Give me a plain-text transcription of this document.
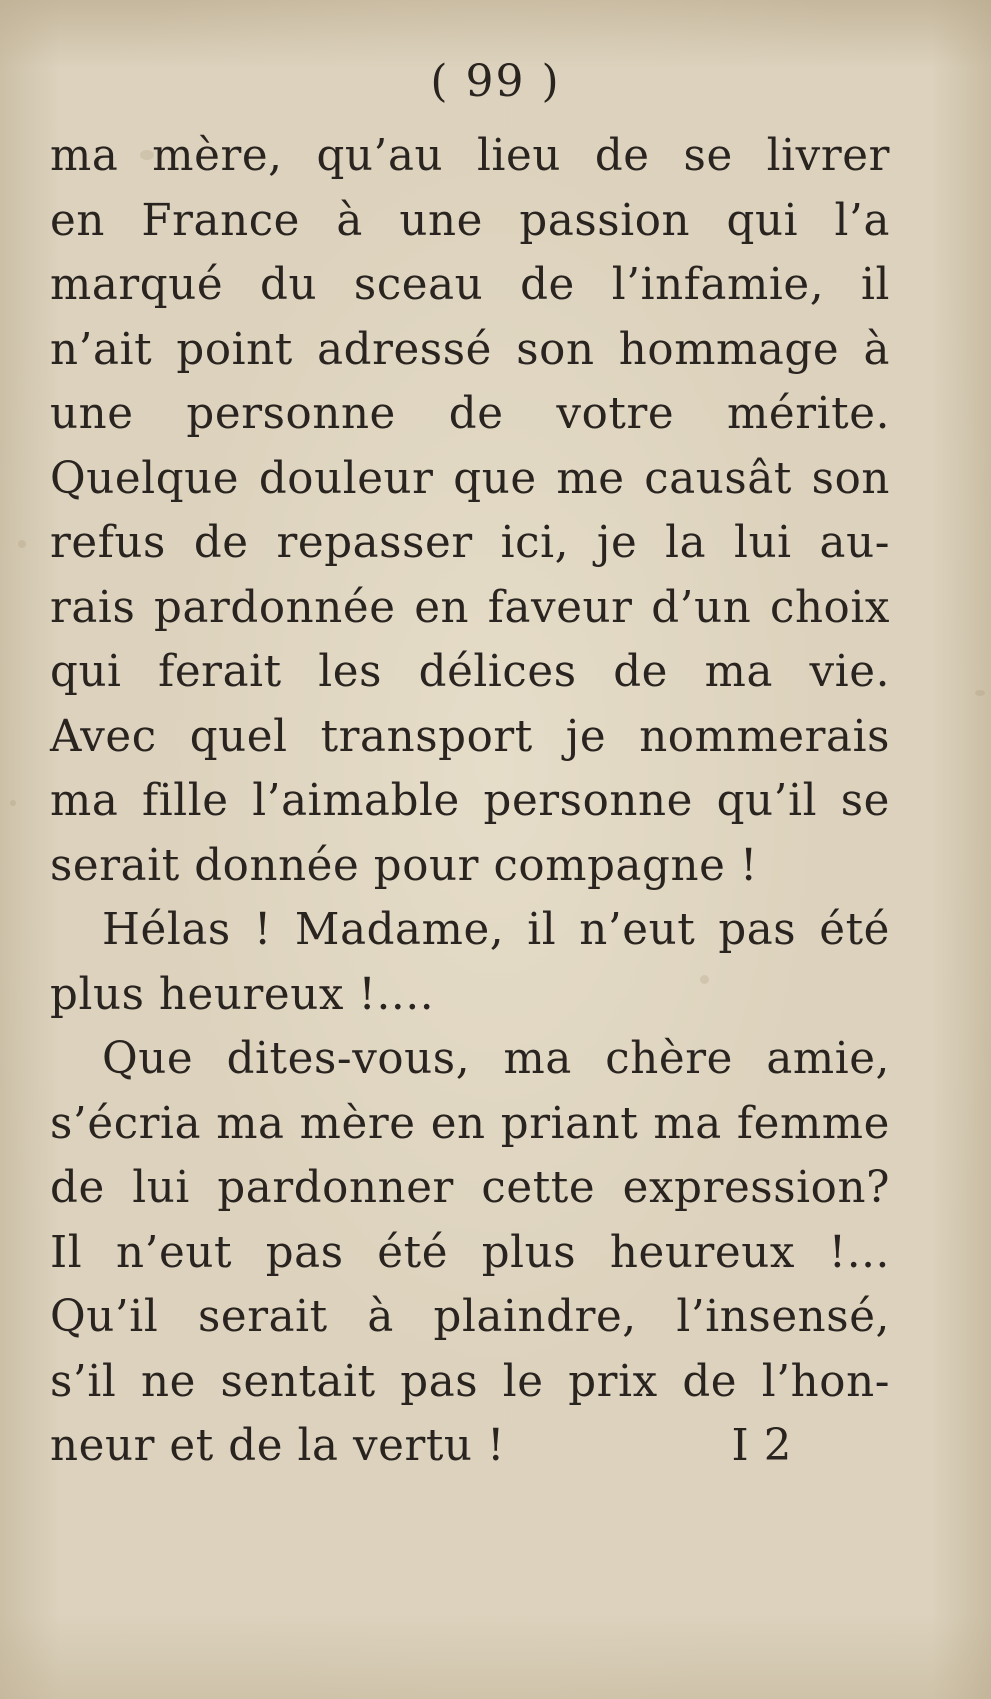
( 99 )
ma mère, qu’au lieu de se livrer
en France à une passion qui l’a
marqué du sceau de l’infamie, il
n’ait point adressé son hommage à
une personne de votre mérite.
Quelque douleur que me causât son
refus de repasser ici, je la lui au-
rais pardonnée en faveur d’un choix
qui ferait les délices de ma vie.
Avec quel transport je nommerais
ma fille l’aimable personne qu’il se
serait donnée pour compagne !
Hélas ! Madame, il n’eut pas été
plus heureux !....
Que dites-vous, ma chère amie,
s’écria ma mère en priant ma femme
de lui pardonner cette expression?
Il n’eut pas été plus heureux !...
Qu’il serait à plaindre, l’insensé,
s’il ne sentait pas le prix de l’hon-
neur et de la vertu !	I 2
